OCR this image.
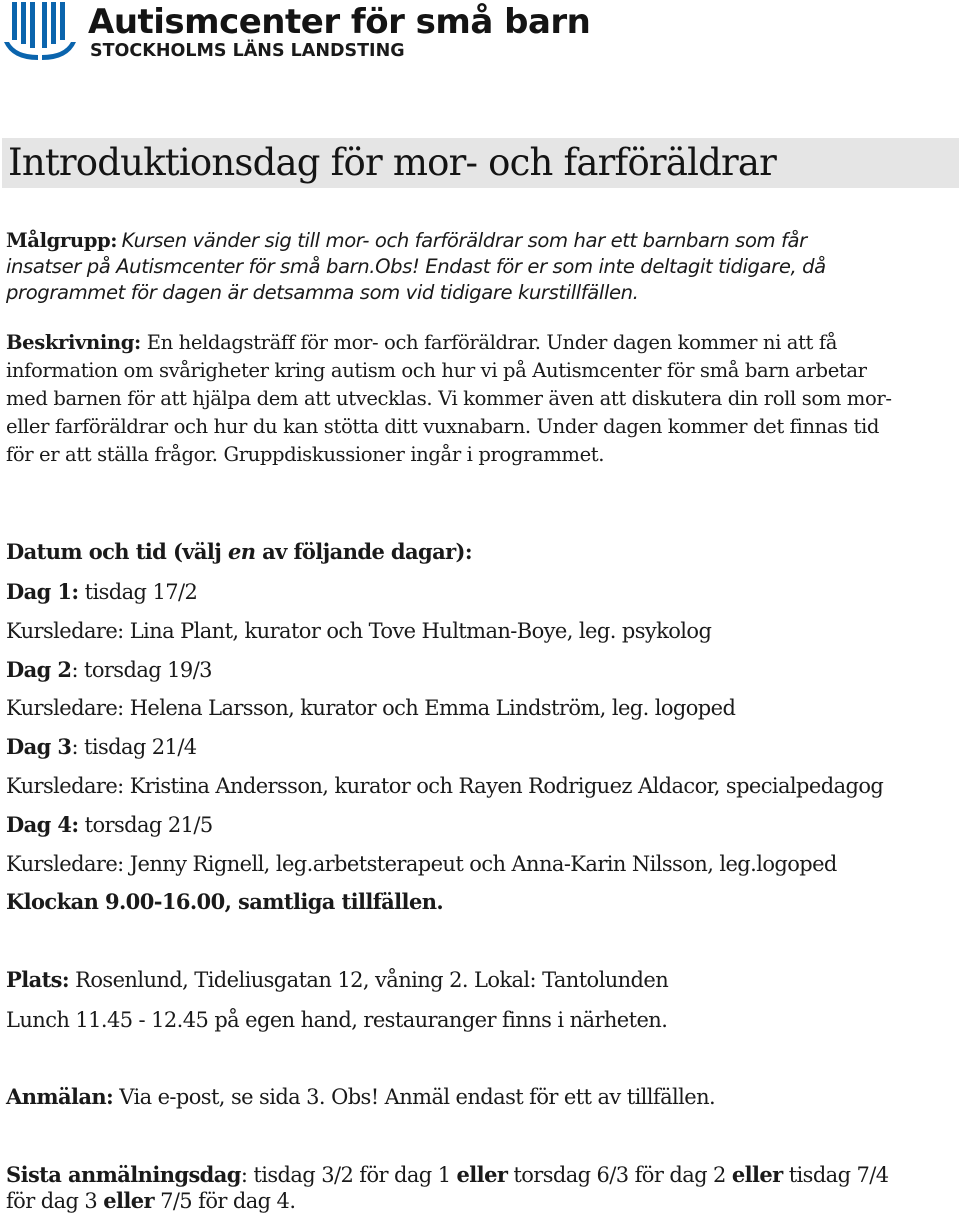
Autismcenter för små barn
STOCKHOLMS LÄNS LANDSTING
Introduktionsdag för mor- och farföräldrar
Målgrupp: Kursen vänder sig till mor- och farföräldrar som har ett barnbarn som får
insatser på Autismcenter för små barn.Obs! Endast för er som inte deltagit tidigare, då
programmet för dagen är detsamma som vid tidigare kurstillfällen.
Beskrivning: En heldagsträff för mor- och farföräldrar. Under dagen kommer ni att få
information om svårigheter kring autism och hur vi på Autismcenter för små barn arbetar
med barnen för att hjälpa dem att utvecklas. Vi kommer även att diskutera din roll som mor-
eller farföräldrar och hur du kan stötta ditt vuxnabarn. Under dagen kommer det finnas tid
för er att ställa frågor. Gruppdiskussioner ingår i programmet.
Datum och tid (välj en av följande dagar):
Dag 1: tisdag 17/2
Kursledare: Lina Plant, kurator och Tove Hultman-Boye, leg. psykolog
Dag 2: torsdag 19/3
Kursledare: Helena Larsson, kurator och Emma Lindström, leg. logoped
Dag 3: tisdag 21/4
Kursledare: Kristina Andersson, kurator och Rayen Rodriguez Aldacor, specialpedagog
Dag 4: torsdag 21/5
Kursledare: Jenny Rignell, leg.arbetsterapeut och Anna-Karin Nilsson, leg.logoped
Klockan 9.00-16.00, samtliga tillfällen.
Plats: Rosenlund, Tideliusgatan 12, våning 2. Lokal: Tantolunden
Lunch 11.45 - 12.45 på egen hand, restauranger finns i närheten.
Anmälan: Via e-post, se sida 3. Obs! Anmäl endast för ett av tillfällen.
Sista anmälningsdag: tisdag 3/2 för dag 1 eller torsdag 6/3 för dag 2 eller tisdag 7/4
för dag 3 eller 7/5 för dag 4.
